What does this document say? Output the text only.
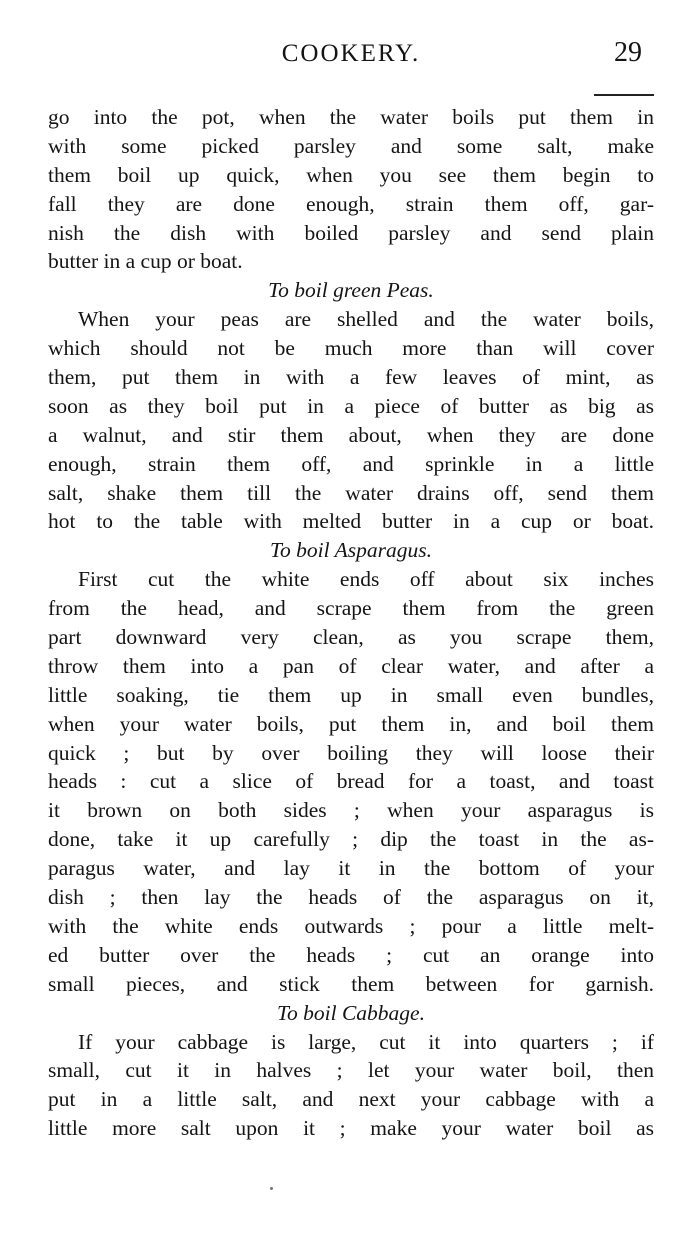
COOKERY.	29
go into the pot, when the water boils put them in
with some picked parsley and some salt, make
them boil up quick, when you see them begin to
fall they are done enough, strain them off, gar-
nish the dish with boiled parsley and send plain
butter in a cup or boat.
To boil green Peas.
When your peas are shelled and the water boils,
which should not be much more than will cover
them, put them in with a few leaves of mint, as
soon as they boil put in a piece of butter as big as
a walnut, and stir them about, when they are done
enough, strain them off, and sprinkle in a little
salt, shake them till the water drains off, send them
hot to the table with melted butter in a cup or boat.
To boil Asparagus.
First cut the white ends off about six inches
from the head, and scrape them from the green
part downward very clean, as you scrape them,
throw them into a pan of clear water, and after a
little soaking, tie them up in small even bundles,
when your water boils, put them in, and boil them
quick ; but by over boiling they will loose their
heads : cut a slice of bread for a toast, and toast
it brown on both sides ; when your asparagus is
done, take it up carefully ; dip the toast in the as-
paragus water, and lay it in the bottom of your
dish ; then lay the heads of the asparagus on it,
with the white ends outwards ; pour a little melt-
ed butter over the heads ; cut an orange into
small pieces, and stick them between for garnish.
To boil Cabbage.
If your cabbage is large, cut it into quarters ; if
small, cut it in halves ; let your water boil, then
put in a little salt, and next your cabbage with a
little more salt upon it ; make your water boil as
